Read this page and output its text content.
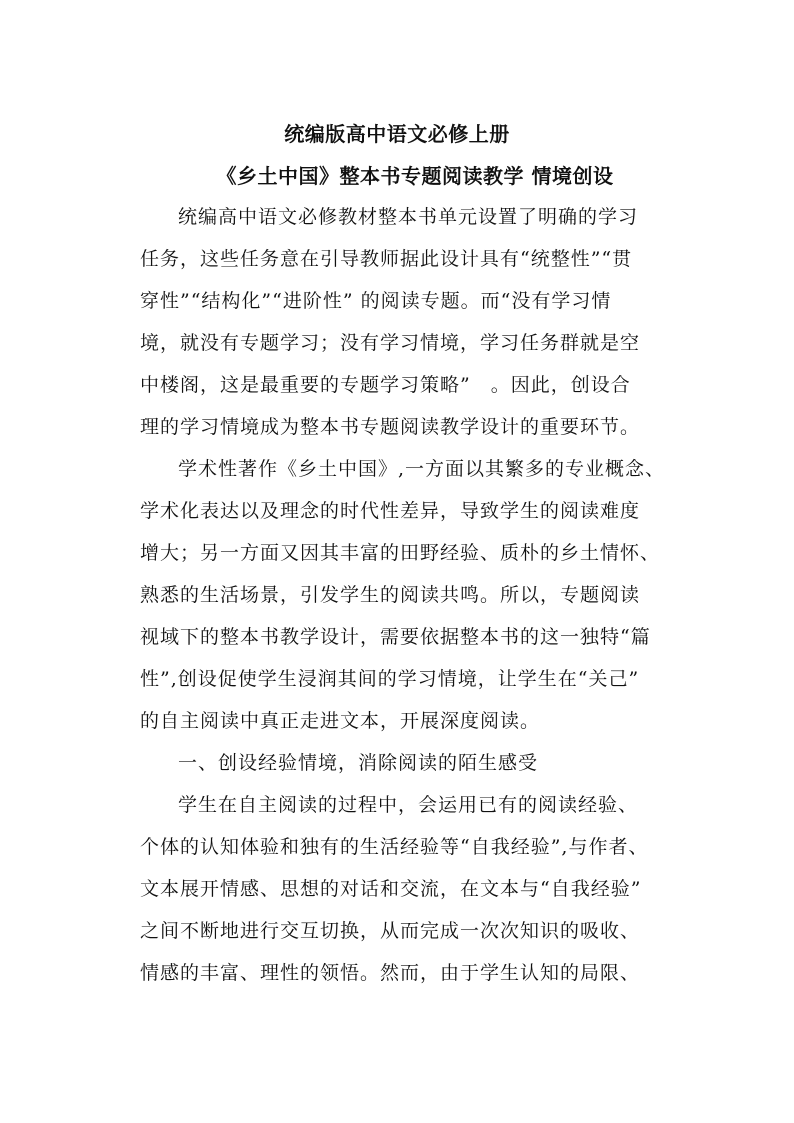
统编版高中语文必修上册
《乡土中国》整本书专题阅读教学 情境创设
统编高中语文必修教材整本书单元设置了明确的学习
任务，这些任务意在引导教师据此设计具有“统整性”“贯
穿性”“结构化”“进阶性” 的阅读专题。而“没有学习情
境，就没有专题学习；没有学习情境，学习任务群就是空
中楼阁，这是最重要的专题学习策略”　。因此，创设合
理的学习情境成为整本书专题阅读教学设计的重要环节。
学术性著作《乡土中国》,一方面以其繁多的专业概念、
学术化表达以及理念的时代性差异，导致学生的阅读难度
增大；另一方面又因其丰富的田野经验、质朴的乡土情怀、
熟悉的生活场景，引发学生的阅读共鸣。所以，专题阅读
视域下的整本书教学设计，需要依据整本书的这一独特“篇
性”,创设促使学生浸润其间的学习情境，让学生在“关己”
的自主阅读中真正走进文本，开展深度阅读。
一、创设经验情境，消除阅读的陌生感受
学生在自主阅读的过程中，会运用已有的阅读经验、
个体的认知体验和独有的生活经验等“自我经验”,与作者、
文本展开情感、思想的对话和交流，在文本与“自我经验”
之间不断地进行交互切换，从而完成一次次知识的吸收、
情感的丰富、理性的领悟。然而，由于学生认知的局限、
